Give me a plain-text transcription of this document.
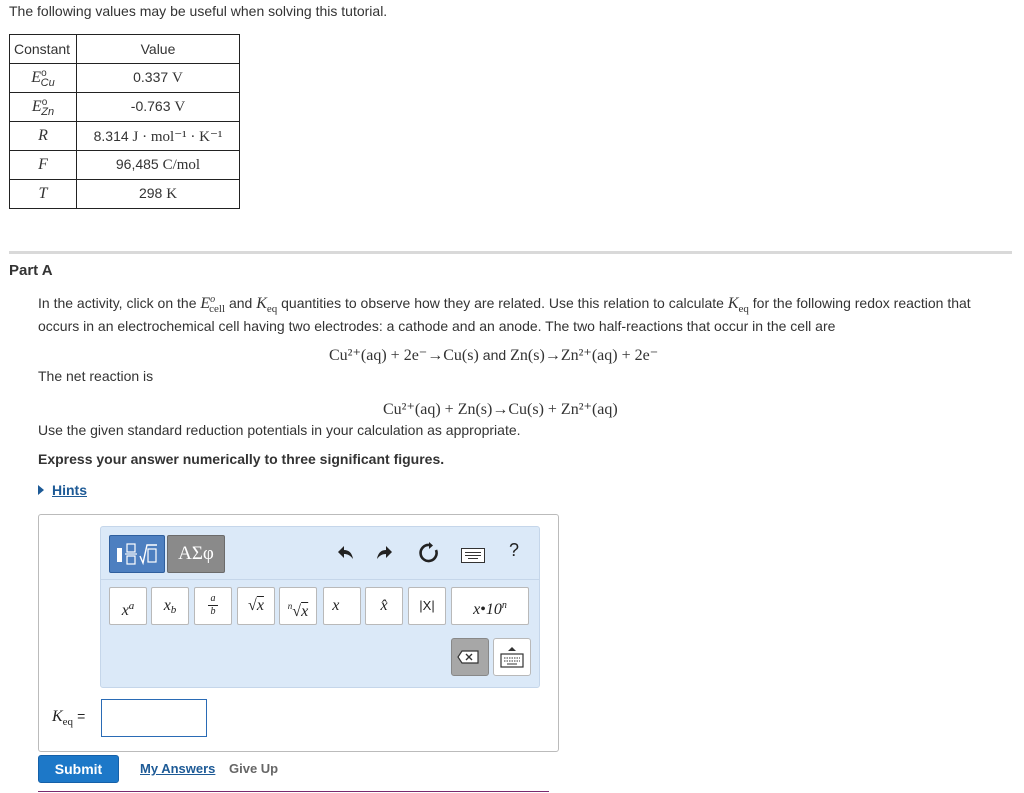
The following values may be useful when solving this tutorial.
Constant	Value
$E^o_{Cu}$	0.337 V
$E^o_{Zn}$	-0.763 V
R	8.314 J · mol⁻¹ · K⁻¹
F	96,485 C/mol
T	298 K
Part A
In the activity, click on the $E^o_{cell}$ and $K_{eq}$ quantities to observe how they are related. Use this relation to calculate $K_{eq}$ for the following redox reaction that occurs in an electrochemical cell having two electrodes: a cathode and an anode. The two half-reactions that occur in the cell are
Cu²⁺(aq) + 2e⁻→Cu(s) and Zn(s)→Zn²⁺(aq) + 2e⁻
The net reaction is
Cu²⁺(aq) + Zn(s)→Cu(s) + Zn²⁺(aq)
Use the given standard reduction potentials in your calculation as appropriate.
Express your answer numerically to three significant figures.
Hints
ΑΣφ	?
$x^a$	xb
a
b	√x	$^n$√x	x⃗	x̂	|X|	x•10$^n$
$K_{eq}$ =
Submit	My Answers Give Up
